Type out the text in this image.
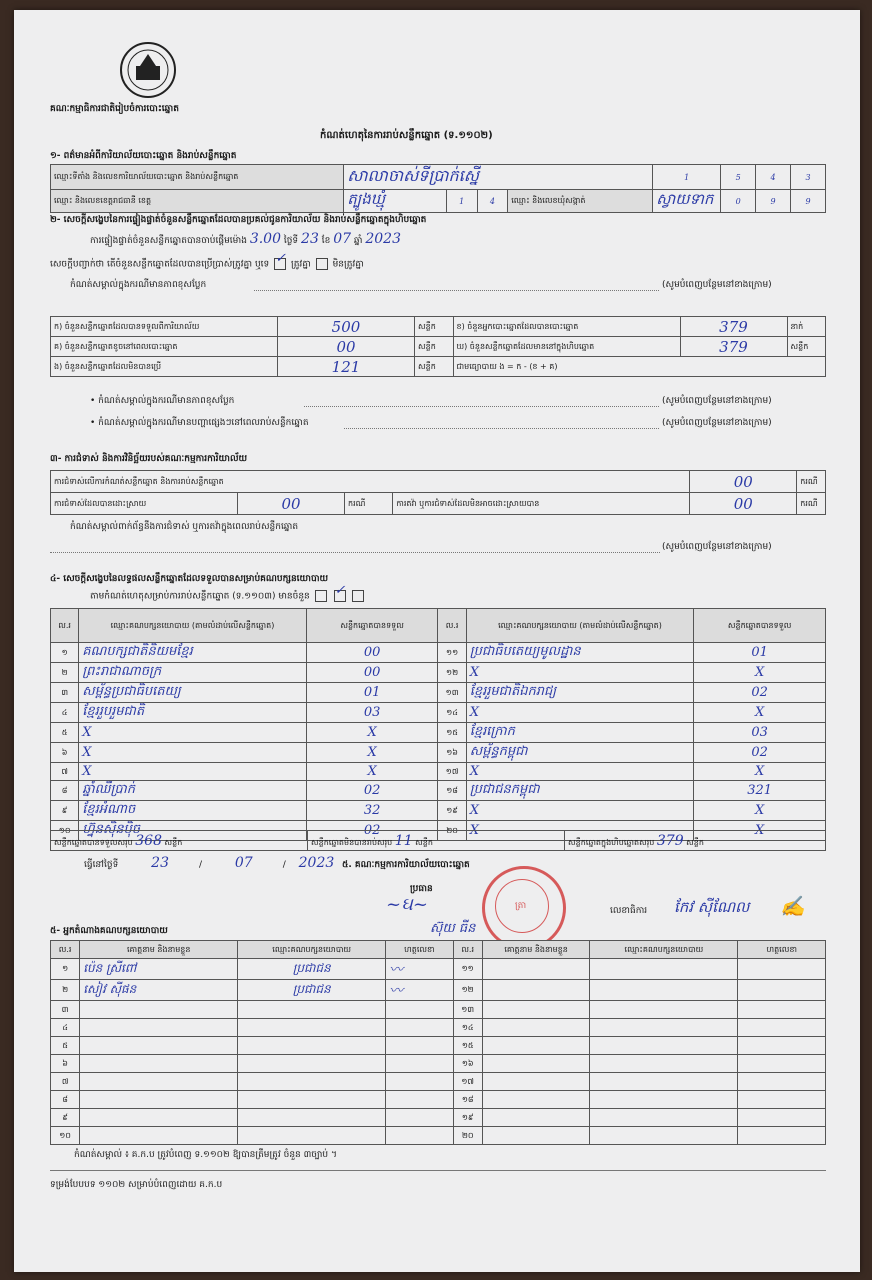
គណៈកម្មាធិការជាតិរៀបចំការបោះឆ្នោត
កំណត់ហេតុនៃការរាប់សន្លឹកឆ្នោត (ទ.១១០២)
១- ពត៌មានអំពីការិយាល័យបោះឆ្នោត និងរាប់សន្លឹកឆ្នោត
ឈ្មោះទីតាំង និងលេខការិយាល័យបោះឆ្នោត និងរាប់សន្លឹកឆ្នោត	សាលាចាស់ទីប្រាក់ស្នើ				1	5	4	3
ឈ្មោះ និងលេខខេត្តរាជធានី ខេត្ត	ត្បូងឃ្មុំ	1	4	ឈ្មោះ និងលេខឃុំសង្កាត់	ស្វាយទាក	0	9	9
២- សេចក្ដីសង្ខេបនៃការផ្ទៀងផ្ទាត់ចំនួនសន្លឹកឆ្នោតដែលបានប្រគល់ជូនការិយាល័យ និងរាប់សន្លឹកឆ្នោតក្នុងហិបឆ្នោត
ការផ្ទៀងផ្ទាត់ចំនួនសន្លឹកឆ្នោតបានចាប់ផ្តើមម៉ោង 3.00 ថ្ងៃទី 23 ខែ 07 ឆ្នាំ 2023
សេចក្ដីបញ្ជាក់ថា តើចំនួនសន្លឹកឆ្នោតដែលបានប្រើប្រាស់ត្រូវគ្នា ឬទេ ✓ ត្រូវគ្នា មិនត្រូវគ្នា
កំណត់សម្គាល់ក្នុងករណីមានភាពខុសប្លែក	(សូមបំពេញបន្ថែមនៅខាងក្រោម)
ក) ចំនួនសន្លឹកឆ្នោតដែលបានទទួលពីការិយាល័យ	500	សន្លឹក	ខ) ចំនួនអ្នកបោះឆ្នោតដែលបានបោះឆ្នោត	379	នាក់
គ) ចំនួនសន្លឹកឆ្នោតខូចនៅពេលបោះឆ្នោត	00	សន្លឹក	ឃ) ចំនួនសន្លឹកឆ្នោតដែលមាននៅក្នុងហិបឆ្នោត	379	សន្លឹក
ង) ចំនួនសន្លឹកឆ្នោតដែលមិនបានប្រើ	121	សន្លឹក	ជាមធ្យោបាយ ង = ក - (ខ + គ)		
• កំណត់សម្គាល់ក្នុងករណីមានភាពខុសប្លែក	(សូមបំពេញបន្ថែមនៅខាងក្រោម)
• កំណត់សម្គាល់ក្នុងករណីមានបញ្ហាផ្សេងៗនៅពេលរាប់សន្លឹកឆ្នោត	(សូមបំពេញបន្ថែមនៅខាងក្រោម)
៣- ការជំទាស់ និងការវិនិច្ឆ័យរបស់គណៈកម្មការការិយាល័យ
ការជំទាស់លើការកំណត់សន្លឹកឆ្នោត និងការរាប់សន្លឹកឆ្នោត				00	ករណី
ការជំទាស់ដែលបានដោះស្រាយ	00	ករណី	ការតវ៉ា ឬការជំទាស់ដែលមិនអាចដោះស្រាយបាន	00	ករណី
កំណត់សម្គាល់ពាក់ព័ន្ធនឹងការជំទាស់ ឬការតវ៉ាក្នុងពេលរាប់សន្លឹកឆ្នោត
(សូមបំពេញបន្ថែមនៅខាងក្រោម)
៤- សេចក្ដីសង្ខេបនៃលទ្ធផលសន្លឹកឆ្នោតដែលទទួលបានសម្រាប់គណបក្សនយោបាយ
តាមកំណត់ហេតុសម្រាប់ការរាប់សន្លឹកឆ្នោត (ទ.១១០៣) មានចំនួន ✓

ល.រ	ឈ្មោះគណបក្សនយោបាយ (តាមលំដាប់លើសន្លឹកឆ្នោត)	សន្លឹកឆ្នោតបានទទួល	ល.រ	ឈ្មោះគណបក្សនយោបាយ (តាមលំដាប់លើសន្លឹកឆ្នោត)	សន្លឹកឆ្នោតបានទទួល
១	គណបក្សជាតិនិយមខ្មែរ	00	១១	ប្រជាធិបតេយ្យមូលដ្ឋាន	01
២	ព្រះរាជាណាចក្រ	00	១២	X	X
៣	សម្ព័ន្ធប្រជាធិបតេយ្យ	01	១៣	ខ្មែររួមជាតិឯករាជ្យ	02
៤	ខ្មែររួបរួមជាតិ	03	១៤	X	X
៥	X	X	១៥	ខ្មែរក្រោក	03
៦	X	X	១៦	សម្ព័ន្ធកម្ពុជា	02
៧	X	X	១៧	X	X
៨	ឆ្នាំឈឺប្រាក់	02	១៨	ប្រជាជនកម្ពុជា	321
៩	ខ្មែរអំណាច	32	១៩	X	X
១០	ហ្វ៊ុនស៊ិនប៉ិច	02	២០	X	X
សន្លឹកឆ្នោតបានទទួលសរុប 368 សន្លឹក	សន្លឹកឆ្នោតមិនបានរាប់សរុប 11 សន្លឹក	សន្លឹកឆ្នោតក្នុងហិបឆ្នោតសរុប 379 សន្លឹក
ធ្វើនៅថ្ងៃទី 23	/ 07	/ 2023 ៥. គណៈកម្មការការិយាល័យបោះឆ្នោត
ប្រធាន
~ઘ~
ស៊ុយ ធីន
ត្រា	លេខាធិការ កែវ ស៊ីណែល ✍
៥- អ្នកតំណាងគណបក្សនយោបាយ
ល.រ	គោត្តនាម និងនាមខ្លួន	ឈ្មោះគណបក្សនយោបាយ	ហត្ថលេខា	ល.រ	គោត្តនាម និងនាមខ្លួន	ឈ្មោះគណបក្សនយោបាយ	ហត្ថលេខា
១	ប៉េន ស្រីពៅ	ប្រជាជន	〰	១១			
២	សៀវ ស៊ីផន	ប្រជាជន	〰	១២			
៣				១៣			
៤				១៤			
៥				១៥			
៦				១៦			
៧				១៧			
៨				១៨			
៩				១៩			
១០				២០			
កំណត់សម្គាល់ ៖ គ.ក.ប ត្រូវបំពេញ ទ.១១០២ ឱ្យបានត្រឹមត្រូវ ចំនួន ៣ច្បាប់ ។
ទម្រង់បែបបទ ១១០២ សម្រាប់បំពេញដោយ គ.ក.ប
